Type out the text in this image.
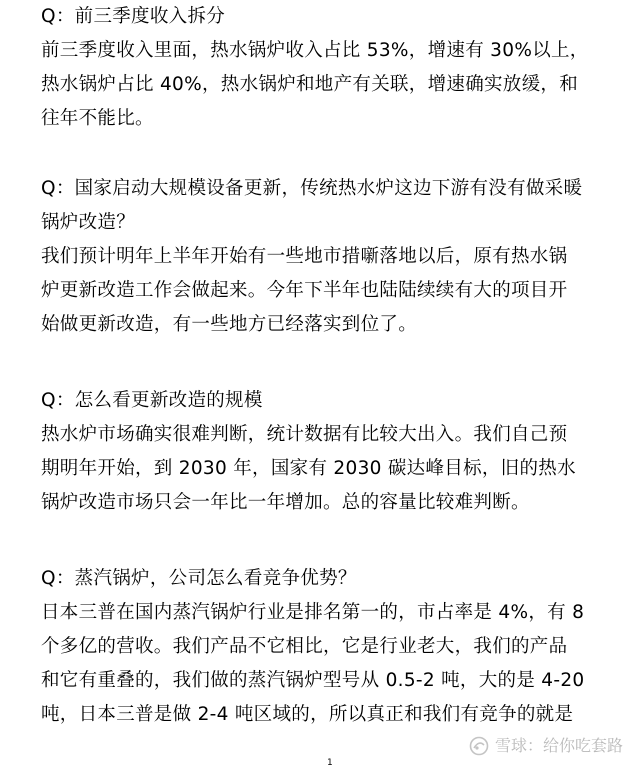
Q：前三季度收入拆分
前三季度收入里面，热水锅炉收入占比 53%，增速有 30%以上，
热水锅炉占比 40%，热水锅炉和地产有关联，增速确实放缓，和
往年不能比。
Q：国家启动大规模设备更新，传统热水炉这边下游有没有做采暖
锅炉改造？
我们预计明年上半年开始有一些地市措噺落地以后，原有热水锅
炉更新改造工作会做起来。今年下半年也陆陆续续有大的项目开
始做更新改造，有一些地方已经落实到位了。
Q：怎么看更新改造的规模
热水炉市场确实很难判断，统计数据有比较大出入。我们自己预
期明年开始，到 2030 年，国家有 2030 碳达峰目标，旧的热水
锅炉改造市场只会一年比一年增加。总的容量比较难判断。
Q：蒸汽锅炉，公司怎么看竞争优势？
日本三普在国内蒸汽锅炉行业是排名第一的，市占率是 4%，有 8
个多亿的营收。我们产品不它相比，它是行业老大，我们的产品
和它有重叠的，我们做的蒸汽锅炉型号从 0.5-2 吨，大的是 4-20
吨，日本三普是做 2-4 吨区域的，所以真正和我们有竞争的就是
雪球：给你吃套路
1
